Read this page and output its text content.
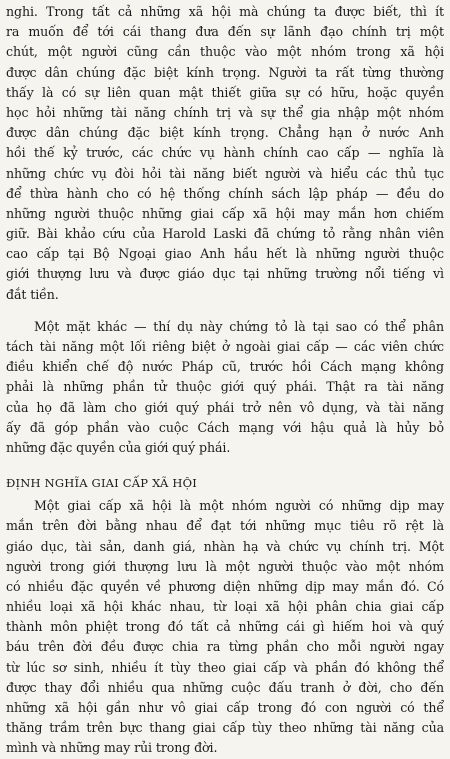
nghi. Trong tất cả những xã hội mà chúng ta được biết, thì ít

ra muốn để tới cái thang đưa đến sự lãnh đạo chính trị một

chút, một người cũng cần thuộc vào một nhóm trong xã hội

được dân chúng đặc biệt kính trọng. Người ta rất từng thường

thấy là có sự liên quan mật thiết giữa sự có hữu, hoặc quyền

học hỏi những tài năng chính trị và sự thể gia nhập một nhóm

được dân chúng đặc biệt kính trọng. Chẳng hạn ở nước Anh

hồi thế kỷ trước, các chức vụ hành chính cao cấp — nghĩa là

những chức vụ đòi hỏi tài năng biết người và hiểu các thủ tục

để thừa hành cho có hệ thống chính sách lập pháp — đều do

những người thuộc những giai cấp xã hội may mắn hơn chiếm

giữ. Bài khảo cứu của Harold Laski đã chứng tỏ rằng nhân viên

cao cấp tại Bộ Ngoại giao Anh hầu hết là những người thuộc

giới thượng lưu và được giáo dục tại những trường nổi tiếng vì

đắt tiền.

Một mặt khác — thí dụ này chứng tỏ là tại sao có thể phân

tách tài năng một lối riêng biệt ở ngoài giai cấp — các viên chức

điều khiển chế độ nước Pháp cũ, trước hồi Cách mạng không

phải là những phần tử thuộc giới quý phái. Thật ra tài năng

của họ đã làm cho giới quý phái trở nên vô dụng, và tài năng

ấy đã góp phần vào cuộc Cách mạng với hậu quả là hủy bỏ

những đặc quyền của giới quý phái.

ĐỊNH NGHĨA GIAI CẤP XÃ HỘI

Một giai cấp xã hội là một nhóm người có những dịp may

mắn trên đời bằng nhau để đạt tới những mục tiêu rõ rệt là

giáo dục, tài sản, danh giá, nhàn hạ và chức vụ chính trị. Một

người trong giới thượng lưu là một người thuộc vào một nhóm

có nhiều đặc quyền về phương diện những dịp may mắn đó. Có

nhiều loại xã hội khác nhau, từ loại xã hội phân chia giai cấp

thành môn phiệt trong đó tất cả những cái gì hiếm hoi và quý

báu trên đời đều được chia ra từng phần cho mỗi người ngay

từ lúc sơ sinh, nhiều ít tùy theo giai cấp và phần đó không thể

được thay đổi nhiều qua những cuộc đấu tranh ở đời, cho đến

những xã hội gần như vô giai cấp trong đó con người có thể

thăng trầm trên bực thang giai cấp tùy theo những tài năng của

mình và những may rủi trong đời.
